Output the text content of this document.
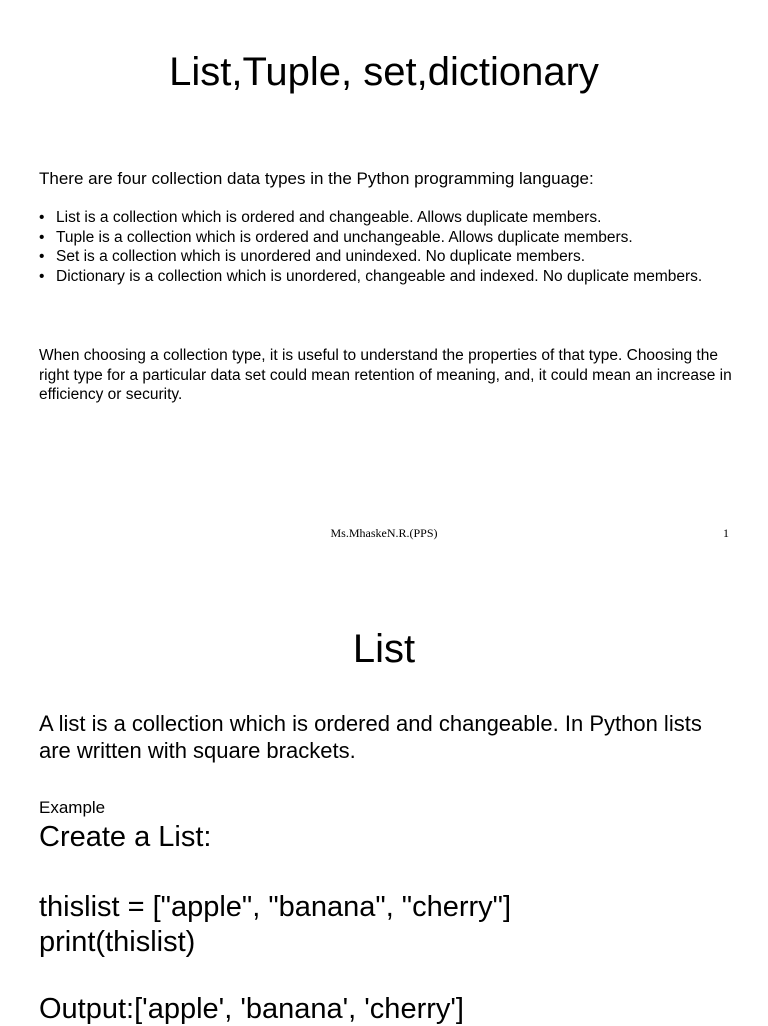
List,Tuple, set,dictionary
There are four collection data types in the Python programming language:
• List is a collection which is ordered and changeable. Allows duplicate members.
• Tuple is a collection which is ordered and unchangeable. Allows duplicate members.
• Set is a collection which is unordered and unindexed. No duplicate members.
• Dictionary is a collection which is unordered, changeable and indexed. No duplicate members.
When choosing a collection type, it is useful to understand the properties of that type. Choosing the right type for a particular data set could mean retention of meaning, and, it could mean an increase in efficiency or security.
Ms.MhaskeN.R.(PPS)	1
List
A list is a collection which is ordered and changeable. In Python lists are written with square brackets.
Example
Create a List:
thislist = ["apple", "banana", "cherry"]
print(thislist)
Output:['apple', 'banana', 'cherry']
